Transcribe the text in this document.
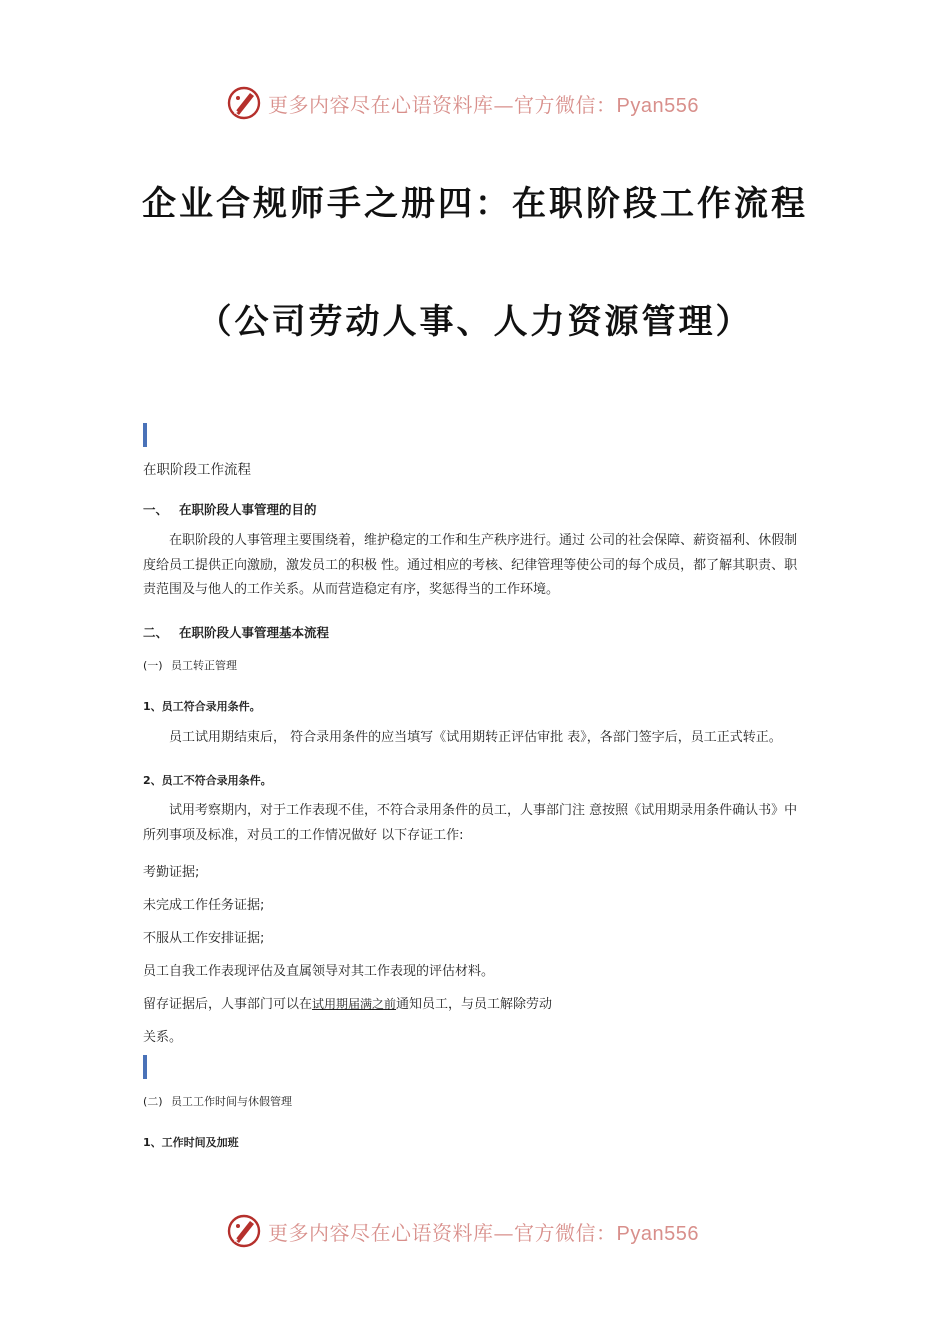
更多内容尽在心语资料库—官方微信：Pyan556
企业合规师手之册四：在职阶段工作流程
（公司劳动人事、人力资源管理）
在职阶段工作流程
一、 在职阶段人事管理的目的
在职阶段的人事管理主要围绕着，维护稳定的工作和生产秩序进行。通过 公司的社会保障、薪资福利、休假制度给员工提供正向激励，激发员工的积极 性。通过相应的考核、纪律管理等使公司的每个成员，都了解其职责、职责范围及与他人的工作关系。从而营造稳定有序，奖惩得当的工作环境。
二、 在职阶段人事管理基本流程
(一) 员工转正管理
1、员工符合录用条件。
员工试用期结束后， 符合录用条件的应当填写《试用期转正评估审批 表》，各部门签字后，员工正式转正。
2、员工不符合录用条件。
试用考察期内，对于工作表现不佳，不符合录用条件的员工，人事部门注 意按照《试用期录用条件确认书》中所列事项及标准，对员工的工作情况做好 以下存证工作:
考勤证据;
未完成工作任务证据;
不服从工作安排证据;
员工自我工作表现评估及直属领导对其工作表现的评估材料。
留存证据后，人事部门可以在试用期届满之前通知员工，与员工解除劳动
关系。
(二) 员工工作时间与休假管理
1、工作时间及加班
更多内容尽在心语资料库—官方微信：Pyan556
